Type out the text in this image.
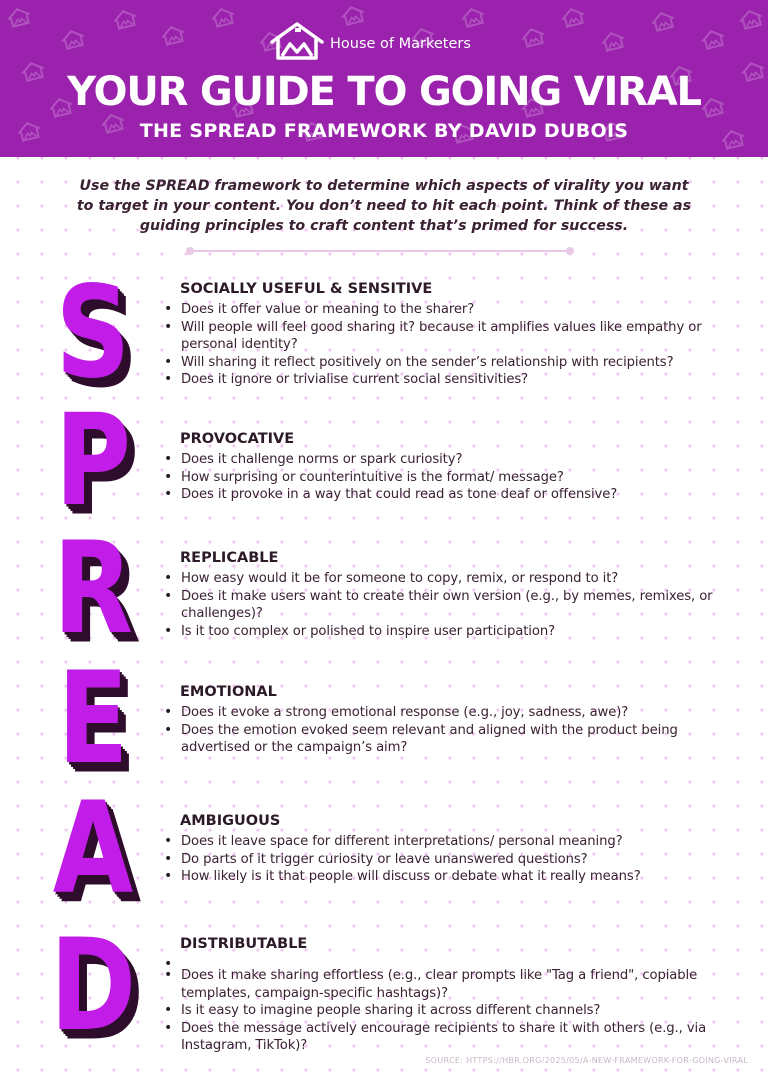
House of Marketers
YOUR GUIDE TO GOING VIRAL
THE SPREAD FRAMEWORK BY DAVID DUBOIS
Use the SPREAD framework to determine which aspects of virality you want to target in your content. You don’t need to hit each point. Think of these as guiding principles to craft content that’s primed for success.
S
P
R
E
A
D
SOCIALLY USEFUL & SENSITIVE
• Does it offer value or meaning to the sharer?
• Will people will feel good sharing it? because it amplifies values like empathy or personal identity?
• Will sharing it reflect positively on the sender’s relationship with recipients?
• Does it ignore or trivialise current social sensitivities?
PROVOCATIVE
• Does it challenge norms or spark curiosity?
• How surprising or counterintuitive is the format/ message?
• Does it provoke in a way that could read as tone deaf or offensive?
REPLICABLE
• How easy would it be for someone to copy, remix, or respond to it?
• Does it make users want to create their own version (e.g., by memes, remixes, or challenges)?
• Is it too complex or polished to inspire user participation?
EMOTIONAL
• Does it evoke a strong emotional response (e.g., joy, sadness, awe)?
• Does the emotion evoked seem relevant and aligned with the product being advertised or the campaign’s aim?
AMBIGUOUS
• Does it leave space for different interpretations/ personal meaning?
• Do parts of it trigger curiosity or leave unanswered questions?
• How likely is it that people will discuss or debate what it really means?
DISTRIBUTABLE
•
• Does it make sharing effortless (e.g., clear prompts like "Tag a friend", copiable templates, campaign-specific hashtags)?
• Is it easy to imagine people sharing it across different channels?
• Does the message actively encourage recipients to share it with others (e.g., via Instagram, TikTok)?
SOURCE: HTTPS://HBR.ORG/2025/05/A-NEW-FRAMEWORK-FOR-GOING-VIRAL
